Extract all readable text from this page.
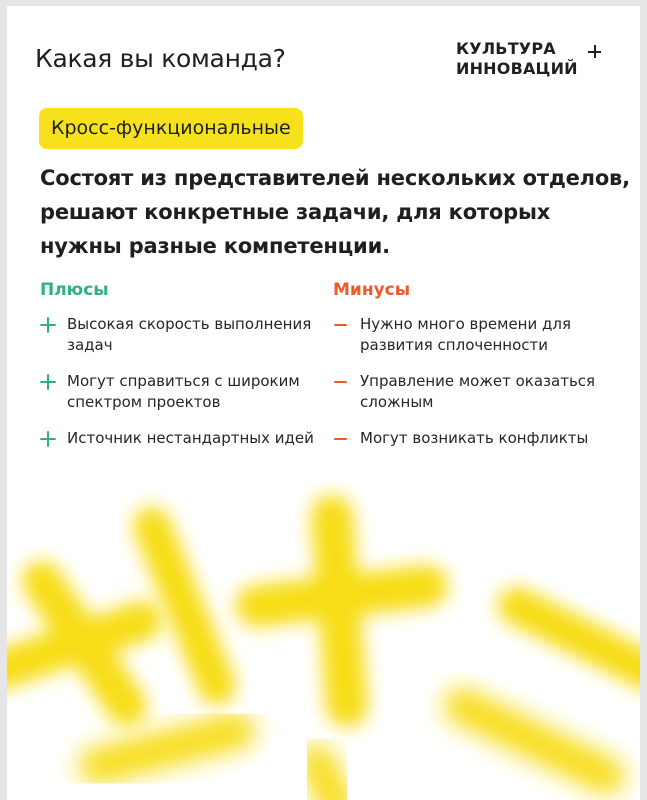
Какая вы команда?	КУЛЬТУРА
ИННОВАЦИЙ
Кросс-функциональные
Состоят из представителей нескольких отделов, решают конкретные задачи, для которых нужны разные компетенции.
Плюсы
Высокая скорость выполнения задач
Могут справиться с широким спектром проектов
Источник нестандартных идей
Минусы
Нужно много времени для развития сплоченности
Управление может оказаться сложным
Могут возникать конфликты
